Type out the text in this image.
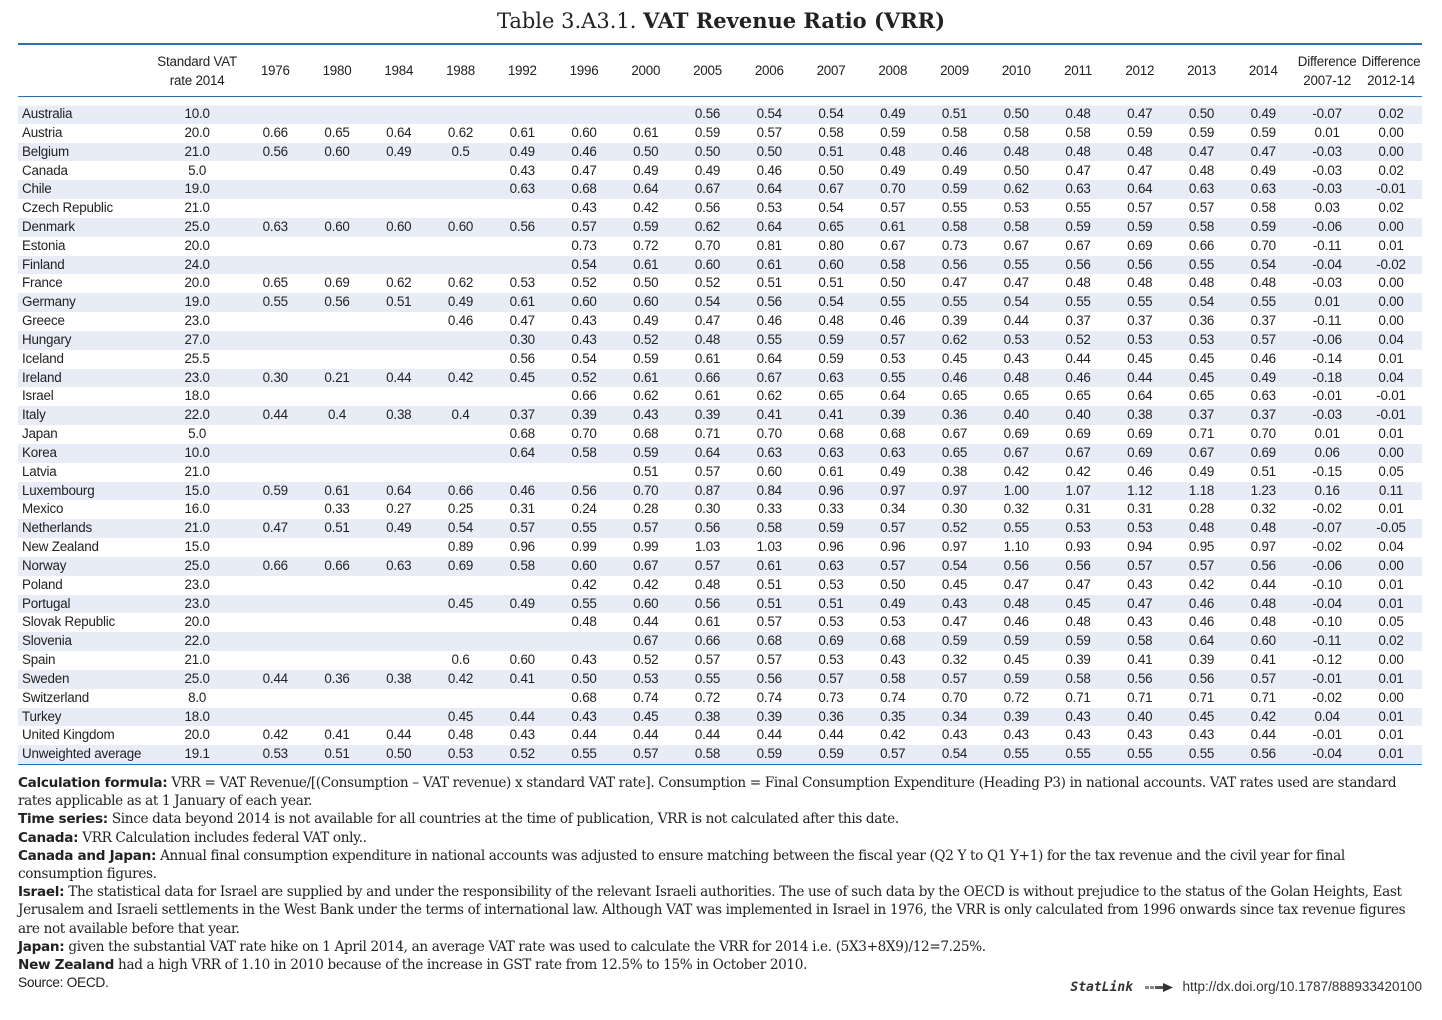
Table 3.A3.1. VAT Revenue Ratio (VRR)
	Standard VAT rate 2014	1976	1980	1984	1988	1992	1996	2000	2005	2006	2007	2008	2009	2010	2011	2012	2013	2014	Difference 2007-12	Difference 2012-14
Australia	10.0								0.56	0.54	0.54	0.49	0.51	0.50	0.48	0.47	0.50	0.49	-0.07	0.02
Austria	20.0	0.66	0.65	0.64	0.62	0.61	0.60	0.61	0.59	0.57	0.58	0.59	0.58	0.58	0.58	0.59	0.59	0.59	0.01	0.00
Belgium	21.0	0.56	0.60	0.49	0.5	0.49	0.46	0.50	0.50	0.50	0.51	0.48	0.46	0.48	0.48	0.48	0.47	0.47	-0.03	0.00
Canada	5.0					0.43	0.47	0.49	0.49	0.46	0.50	0.49	0.49	0.50	0.47	0.47	0.48	0.49	-0.03	0.02
Chile	19.0					0.63	0.68	0.64	0.67	0.64	0.67	0.70	0.59	0.62	0.63	0.64	0.63	0.63	-0.03	-0.01
Czech Republic	21.0						0.43	0.42	0.56	0.53	0.54	0.57	0.55	0.53	0.55	0.57	0.57	0.58	0.03	0.02
Denmark	25.0	0.63	0.60	0.60	0.60	0.56	0.57	0.59	0.62	0.64	0.65	0.61	0.58	0.58	0.59	0.59	0.58	0.59	-0.06	0.00
Estonia	20.0						0.73	0.72	0.70	0.81	0.80	0.67	0.73	0.67	0.67	0.69	0.66	0.70	-0.11	0.01
Finland	24.0						0.54	0.61	0.60	0.61	0.60	0.58	0.56	0.55	0.56	0.56	0.55	0.54	-0.04	-0.02
France	20.0	0.65	0.69	0.62	0.62	0.53	0.52	0.50	0.52	0.51	0.51	0.50	0.47	0.47	0.48	0.48	0.48	0.48	-0.03	0.00
Germany	19.0	0.55	0.56	0.51	0.49	0.61	0.60	0.60	0.54	0.56	0.54	0.55	0.55	0.54	0.55	0.55	0.54	0.55	0.01	0.00
Greece	23.0				0.46	0.47	0.43	0.49	0.47	0.46	0.48	0.46	0.39	0.44	0.37	0.37	0.36	0.37	-0.11	0.00
Hungary	27.0					0.30	0.43	0.52	0.48	0.55	0.59	0.57	0.62	0.53	0.52	0.53	0.53	0.57	-0.06	0.04
Iceland	25.5					0.56	0.54	0.59	0.61	0.64	0.59	0.53	0.45	0.43	0.44	0.45	0.45	0.46	-0.14	0.01
Ireland	23.0	0.30	0.21	0.44	0.42	0.45	0.52	0.61	0.66	0.67	0.63	0.55	0.46	0.48	0.46	0.44	0.45	0.49	-0.18	0.04
Israel	18.0						0.66	0.62	0.61	0.62	0.65	0.64	0.65	0.65	0.65	0.64	0.65	0.63	-0.01	-0.01
Italy	22.0	0.44	0.4	0.38	0.4	0.37	0.39	0.43	0.39	0.41	0.41	0.39	0.36	0.40	0.40	0.38	0.37	0.37	-0.03	-0.01
Japan	5.0					0.68	0.70	0.68	0.71	0.70	0.68	0.68	0.67	0.69	0.69	0.69	0.71	0.70	0.01	0.01
Korea	10.0					0.64	0.58	0.59	0.64	0.63	0.63	0.63	0.65	0.67	0.67	0.69	0.67	0.69	0.06	0.00
Latvia	21.0							0.51	0.57	0.60	0.61	0.49	0.38	0.42	0.42	0.46	0.49	0.51	-0.15	0.05
Luxembourg	15.0	0.59	0.61	0.64	0.66	0.46	0.56	0.70	0.87	0.84	0.96	0.97	0.97	1.00	1.07	1.12	1.18	1.23	0.16	0.11
Mexico	16.0		0.33	0.27	0.25	0.31	0.24	0.28	0.30	0.33	0.33	0.34	0.30	0.32	0.31	0.31	0.28	0.32	-0.02	0.01
Netherlands	21.0	0.47	0.51	0.49	0.54	0.57	0.55	0.57	0.56	0.58	0.59	0.57	0.52	0.55	0.53	0.53	0.48	0.48	-0.07	-0.05
New Zealand	15.0				0.89	0.96	0.99	0.99	1.03	1.03	0.96	0.96	0.97	1.10	0.93	0.94	0.95	0.97	-0.02	0.04
Norway	25.0	0.66	0.66	0.63	0.69	0.58	0.60	0.67	0.57	0.61	0.63	0.57	0.54	0.56	0.56	0.57	0.57	0.56	-0.06	0.00
Poland	23.0						0.42	0.42	0.48	0.51	0.53	0.50	0.45	0.47	0.47	0.43	0.42	0.44	-0.10	0.01
Portugal	23.0				0.45	0.49	0.55	0.60	0.56	0.51	0.51	0.49	0.43	0.48	0.45	0.47	0.46	0.48	-0.04	0.01
Slovak Republic	20.0						0.48	0.44	0.61	0.57	0.53	0.53	0.47	0.46	0.48	0.43	0.46	0.48	-0.10	0.05
Slovenia	22.0							0.67	0.66	0.68	0.69	0.68	0.59	0.59	0.59	0.58	0.64	0.60	-0.11	0.02
Spain	21.0				0.6	0.60	0.43	0.52	0.57	0.57	0.53	0.43	0.32	0.45	0.39	0.41	0.39	0.41	-0.12	0.00
Sweden	25.0	0.44	0.36	0.38	0.42	0.41	0.50	0.53	0.55	0.56	0.57	0.58	0.57	0.59	0.58	0.56	0.56	0.57	-0.01	0.01
Switzerland	8.0						0.68	0.74	0.72	0.74	0.73	0.74	0.70	0.72	0.71	0.71	0.71	0.71	-0.02	0.00
Turkey	18.0				0.45	0.44	0.43	0.45	0.38	0.39	0.36	0.35	0.34	0.39	0.43	0.40	0.45	0.42	0.04	0.01
United Kingdom	20.0	0.42	0.41	0.44	0.48	0.43	0.44	0.44	0.44	0.44	0.44	0.42	0.43	0.43	0.43	0.43	0.43	0.44	-0.01	0.01
Unweighted average	19.1	0.53	0.51	0.50	0.53	0.52	0.55	0.57	0.58	0.59	0.59	0.57	0.54	0.55	0.55	0.55	0.55	0.56	-0.04	0.01

Calculation formula: VRR = VAT Revenue/[(Consumption – VAT revenue) x standard VAT rate]. Consumption = Final Consumption Expenditure (Heading P3) in national accounts. VAT rates used are standard rates applicable as at 1 January of each year.

Time series: Since data beyond 2014 is not available for all countries at the time of publication, VRR is not calculated after this date.

Canada: VRR Calculation includes federal VAT only..

Canada and Japan: Annual final consumption expenditure in national accounts was adjusted to ensure matching between the fiscal year (Q2 Y to Q1 Y+1) for the tax revenue and the civil year for final consumption figures.

Israel: The statistical data for Israel are supplied by and under the responsibility of the relevant Israeli authorities. The use of such data by the OECD is without prejudice to the status of the Golan Heights, East Jerusalem and Israeli settlements in the West Bank under the terms of international law. Although VAT was implemented in Israel in 1976, the VRR is only calculated from 1996 onwards since tax revenue figures are not available before that year.

Japan: given the substantial VAT rate hike on 1 April 2014, an average VAT rate was used to calculate the VRR for 2014 i.e. (5X3+8X9)/12=7.25%.

New Zealand had a high VRR of 1.10 in 2010 because of the increase in GST rate from 12.5% to 15% in October 2010.

Source: OECD.	StatLink	http://dx.doi.org/10.1787/888933420100
